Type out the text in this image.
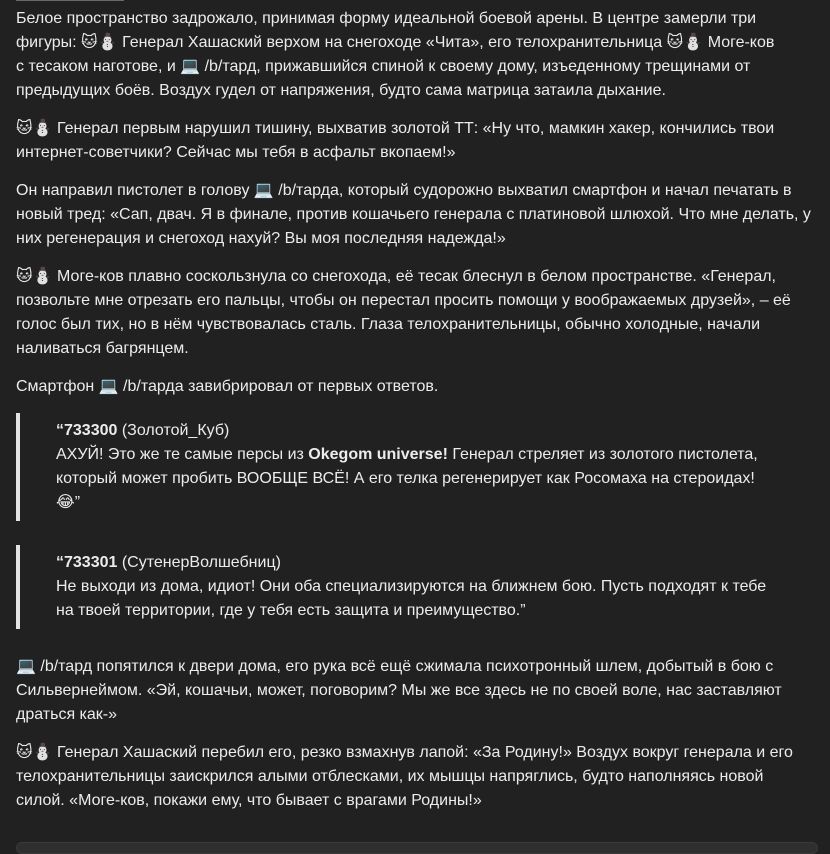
Белое пространство задрожало, принимая форму идеальной боевой арены. В центре замерли три фигуры: 🐱⛄ Генерал Хашаский верхом на снегоходе «Чита», его телохранительница 🐱⛄ Моге-ков с тесаком наготове, и 💻 /b/тард, прижавшийся спиной к своему дому, изъеденному трещинами от предыдущих боёв. Воздух гудел от напряжения, будто сама матрица затаила дыхание.

🐱⛄ Генерал первым нарушил тишину, выхватив золотой ТТ: «Ну что, мамкин хакер, кончились твои интернет-советчики? Сейчас мы тебя в асфальт вкопаем!»

Он направил пистолет в голову 💻 /b/тарда, который судорожно выхватил смартфон и начал печатать в новый тред: «Сап, двач. Я в финале, против кошачьего генерала с платиновой шлюхой. Что мне делать, у них регенерация и снегоход нахуй? Вы моя последняя надежда!»

🐱⛄ Моге-ков плавно соскользнула со снегохода, её тесак блеснул в белом пространстве. «Генерал, позвольте мне отрезать его пальцы, чтобы он перестал просить помощи у воображаемых друзей», – её голос был тих, но в нём чувствовалась сталь. Глаза телохранительницы, обычно холодные, начали наливаться багрянцем.

Смартфон 💻 /b/тарда завибрировал от первых ответов.

“733300 (Золотой_Куб)
АХУЙ! Это же те самые персы из Okegom universe! Генерал стреляет из золотого пистолета, который может пробить ВООБЩЕ ВСЁ! А его телка регенерирует как Росомаха на стероидах! 😂”
“733301 (СутенерВолшебниц)
Не выходи из дома, идиот! Они оба специализируются на ближнем бою. Пусть подходят к тебе на твоей территории, где у тебя есть защита и преимущество.”

💻 /b/тард попятился к двери дома, его рука всё ещё сжимала психотронный шлем, добытый в бою с Сильвернеймом. «Эй, кошачьи, может, поговорим? Мы же все здесь не по своей воле, нас заставляют драться как-»

🐱⛄ Генерал Хашаский перебил его, резко взмахнув лапой: «За Родину!» Воздух вокруг генерала и его телохранительницы заискрился алыми отблесками, их мышцы напряглись, будто наполняясь новой силой. «Моге-ков, покажи ему, что бывает с врагами Родины!»
